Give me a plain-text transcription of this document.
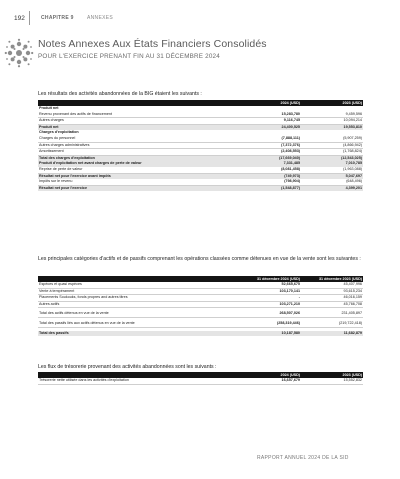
192	CHAPITRE 9	ANNEXES
Notes Annexes Aux États Financiers Consolidés
POUR L'EXERCICE PRENANT FIN AU 31 DÉCEMBRE 2024
Les résultats des activités abandonnées de la BIG étaient les suivants :
	2024 (USD)	2023 (USD)
Produit net		
Revenu provenant des actifs de financement	15,283,780	9,459,596
Autres charges	9,116,745	10,094,214
Produit net	24,400,525	19,553,810
Charges d'exploitation		
Charges du personnel	(7,888,111)	(5,907,259)
Autres charges administratives	(7,372,376)	(4,866,942)
Amortissement	(2,408,553)	(1,768,824)
Total des charges d'exploitation	(17,669,040)	(12,543,025)
Produit d'exploitation net avant charges de perte de valeur	7,331,485	7,010,785
Reprise de perte de valeur	(8,081,458)	(1,963,088)
Résultat net pour l'exercice avant impôts	(749,973)	5,047,697
Impôts sur le revenu	(798,904)	(648,496)
Résultat net pour l'exercice	(1,548,877)	4,399,201
Les principales catégories d'actifs et de passifs comprenant les opérations classées comme détenues en vue de la vente sont les suivantes :
	31 décembre 2024 (USD)	31 décembre 2023 (USD)
Espèces et quasi espèces	52,665,675	45,407,996
Vente à tempérament	103,170,141	93,615,234
Placements Soukouks, fonds propres and autres titres	-	46,016,159
Autres actifs	103,271,210	45,766,708

Total des actifs détenus en vue de la vente	268,507,026	231,405,897

Total des passifs liés aux actifs détenus en vue de la vente	(258,319,446)	(219,722,418)

Total des passifs	10,187,580	11,682,879
Les flux de trésorerie provenant des activités abandonnées sont les suivants :
	2024 (USD)	2023 (USD)
Trésorerie nette utilisée dans les activités d'exploitation	16,657,679	15,552,832
RAPPORT ANNUEL 2024 DE LA SID
